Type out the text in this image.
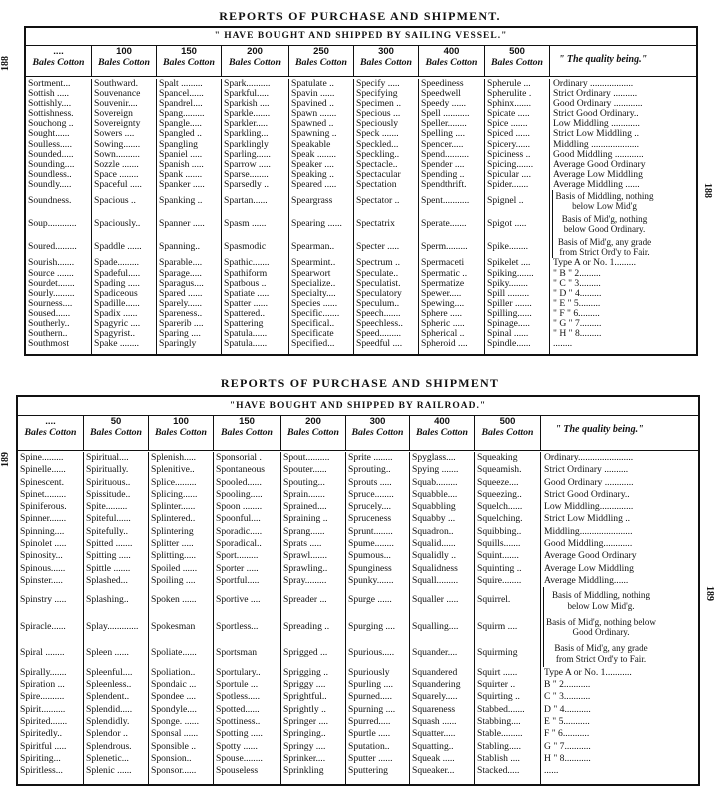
REPORTS OF PURCHASE AND SHIPMENT.
188
188
" HAVE BOUGHT AND SHIPPED BY SAILING VESSEL."
....
Bales Cotton
100
Bales Cotton
150
Bales Cotton
200
Bales Cotton
250
Bales Cotton
300
Bales Cotton
400
Bales Cotton
500
Bales Cotton	" The quality being."
Sortment...
Sottish .....
Sottishly....
Sottishness.
Souchong ..
Sought......
Soulless.....
Sounded.....
Sounding....
Soundless..
Soundly.....
Soundness.
Soup............
Soured.........
Sourish.......
Source .......
Sourdet.......
Sourly.........
Sourness....
Soused......
Southerly..
Southern..
Southmost
Southward.
Souvenance
Souvenir....
Sovereign
Sovereignty
Sowers ....
Sowing.......
Sown..........
Sozzle .......
Space ........
Spaceful .....
Spacious ..
Spaciously..
Spaddle ......
Spade.........
Spadeful.....
Spading .....
Spadiceous
Spadille......
Spadix ......
Spagyric ....
Spagyrist..
Spake ........
Spalt .........
Spancel......
Spandrel....
Spang.........
Spangle.....
Spangled ..
Spangling
Spaniel .....
Spanish .....
Spank .......
Spanker .....
Spanking ..
Spanner .....
Spanning..
Sparable....
Sparage.....
Sparagus....
Spared ......
Sparely......
Spareness..
Sparerib ....
Sparing ....
Sparingly
Spark..........
Sparkful.....
Sparkish ....
Sparkle.......
Sparkler.....
Sparkling...
Sparklingly
Sparling......
Sparrow .....
Sparse........
Sparsedly ..
Spartan......
Spasm ......
Spasmodic
Spathic.......
Spathiform
Spatbous ..
Spatiate .....
Spatter ......
Spattered..
Spattering
Spatula......
Spatula......
Spatulate ..
Spavin ......
Spavined ..
Spawn .......
Spawned ..
Spawning ..
Speakable
Speak ........
Speaker ....
Speaking ..
Speared .....
Speargrass
Spearing ......
Spearman..
Spearmint..
Spearwort
Specialize..
Specialty....
Species ......
Specific.......
Specifical..
Specificate
Specified...
Specify .....
Specifying
Specimen ..
Specious ...
Speciously
Speck .......
Speckled...
Speckling..
Spectacle..
Spectacular
Spectation
Spectator ..
Spectatrix
Specter .....
Spectrum ..
Speculate..
Speculatist.
Speculatory
Speculum..
Speech.......
Speechless..
Speed.........
Speedful ....
Speediness
Speedwell
Speedy ......
Spell ...........
Speller........
Spelling ....
Spencer.....
Spend..........
Spender ....
Spending ..
Spendthrift.
Spent...........
Sperate.......
Sperm.........
Spermaceti
Spermatic ..
Spermatize
Spewer.....
Spewing....
Sphere .....
Spheric .....
Spherical ..
Spheroid ....
Spherule ...
Spherulite .
Sphinx.......
Spicate .....
Spice .......
Spiced ......
Spicery......
Spiciness ..
Spicing.......
Spicular ....
Spider.......
Spignel ..
Spigot .....
Spike........
Spikelet ....
Spiking.......
Spiky........
Spill .........
Spiller .......
Spilling......
Spinage.....
Spinal ......
Spindle......
Ordinary ..................
Strict Ordinary ..........
Good Ordinary ............
Strict Good Ordinary..
Low Middling ............
Strict Low Middling ..
Middling ....................
Good Middling ............
Average Good Ordinary
Average Low Middling
Average Middling ......
Basis of Middling, nothing below Low Mid'g
Basis of Mid'g, nothing below Good Ordinary.
Basis of Mid'g, any grade from Strict Ord'y to Fair.
Type A or No. 1.........
" B " 2.........
" C " 3.........
" D " 4.........
" E " 5.........
" F " 6.........
" G " 7.........
" H " 8.........
........
REPORTS OF PURCHASE AND SHIPMENT
189
189
"HAVE BOUGHT AND SHIPPED BY RAILROAD."
....
Bales Cotton
50
Bales Cotton
100
Bales Cotton
150
Bales Cotton
200
Bales Cotton
300
Bales Cotton
400
Bales Cotton
500
Bales Cotton	" The quality being."
Spine.........
Spinelle......
Spinescent.
Spinet.........
Spiniferous.
Spinner.......
Spinning....
Spinolet .....
Spinosity...
Spinous......
Spinster.....
Spinstry .....
Spiracle......
Spiral ........
Spirally.......
Spiration ...
Spire..........
Spirit..........
Spirited.......
Spiritedly..
Spiritful .....
Spiriting...
Spiritless...
Spiritual....
Spiritually.
Spirituous..
Spissitude..
Spite.........
Spiteful......
Spitefully..
Spitted .......
Spitting .....
Spittle .......
Splashed...
Splashing..
Splay.............
Spleen ......
Spleenful....
Spleenless..
Splendent..
Splendid.....
Splendidly.
Splendor ..
Splendrous.
Splenetic...
Splenic ......
Splenish.....
Splenitive..
Splice.........
Splicing......
Splinter......
Splintered..
Splintering
Splitter .....
Splitting.....
Spoiled ......
Spoiling ....
Spoken ......
Spokesman
Spoliate......
Spoliation..
Spondaic ...
Spondee ....
Spondyle....
Sponge. ......
Sponsal ......
Sponsible ..
Sponsion..
Sponsor......
Sponsorial .
Spontaneous
Spooled......
Spooling.....
Spoon ........
Spoonful....
Sporadic.....
Sporadical..
Sport.........
Sporter .....
Sportful.....
Sportive ....
Sportless...
Sportsman
Sportulary..
Sportule ...
Spotless.....
Spotted......
Spottiness..
Spotting .....
Spotty ......
Spouse........
Spouseless
Spout..........
Spouter......
Spouting...
Sprain.......
Sprained....
Spraining ..
Sprang......
Sprats .....
Sprawl.......
Sprawling..
Spray.........
Spreader ...
Spreading ..
Sprigged ...
Sprigging ..
Spriggy ....
Sprightful..
Sprightly ..
Springer ....
Springing..
Springy ....
Sprinker....
Sprinkling
Sprite ........
Sprouting..
Sprouts .....
Spruce........
Sprucely....
Spruceness
Sprunt........
Spume........
Spumous...
Spunginess
Spunky.......
Spurge ......
Spurging ....
Spurious.....
Spuriously
Spurling ....
Spurned.....
Spurning ....
Spurred.....
Spurtle .....
Sputation..
Sputter ......
Sputtering
Spyglass....
Spying .......
Squab.........
Squabble....
Squabbling
Squabby ...
Squadron..
Squalid......
Squalidly ..
Squalidness
Squall.........
Squaller .....
Squalling....
Squander....
Squandered
Squandering
Squarely.....
Squareness
Squash ......
Squatter.....
Squatting..
Squeak .....
Squeaker...
Squeaking
Squeamish.
Squeeze....
Squeezing..
Squelch......
Squelching.
Squibbing..
Squills.......
Squint.......
Squinting ..
Squire........
Squirrel.
Squirm ....
Squirming
Squirt ......
Squirter ..
Squirting ..
Stabbed.......
Stabbing....
Stable.........
Stabling.....
Stablish ....
Stacked.....
Ordinary.......................
Strict Ordinary ..........
Good Ordinary ............
Strict Good Ordinary..
Low Middling..............
Strict Low Middling ..
Middling......................
Good Middling............
Average Good Ordinary
Average Low Middling
Average Middling......
Basis of Middling, nothing below Low Mid'g.
Basis of Mid'g, nothing below Good Ordinary.
Basis of Mid'g, any grade from Strict Ord'y to Fair.
Type A or No. 1...........
B " 2...........
C " 3...........
D " 4...........
E " 5...........
F " 6...........
G " 7...........
H " 8...........
......
